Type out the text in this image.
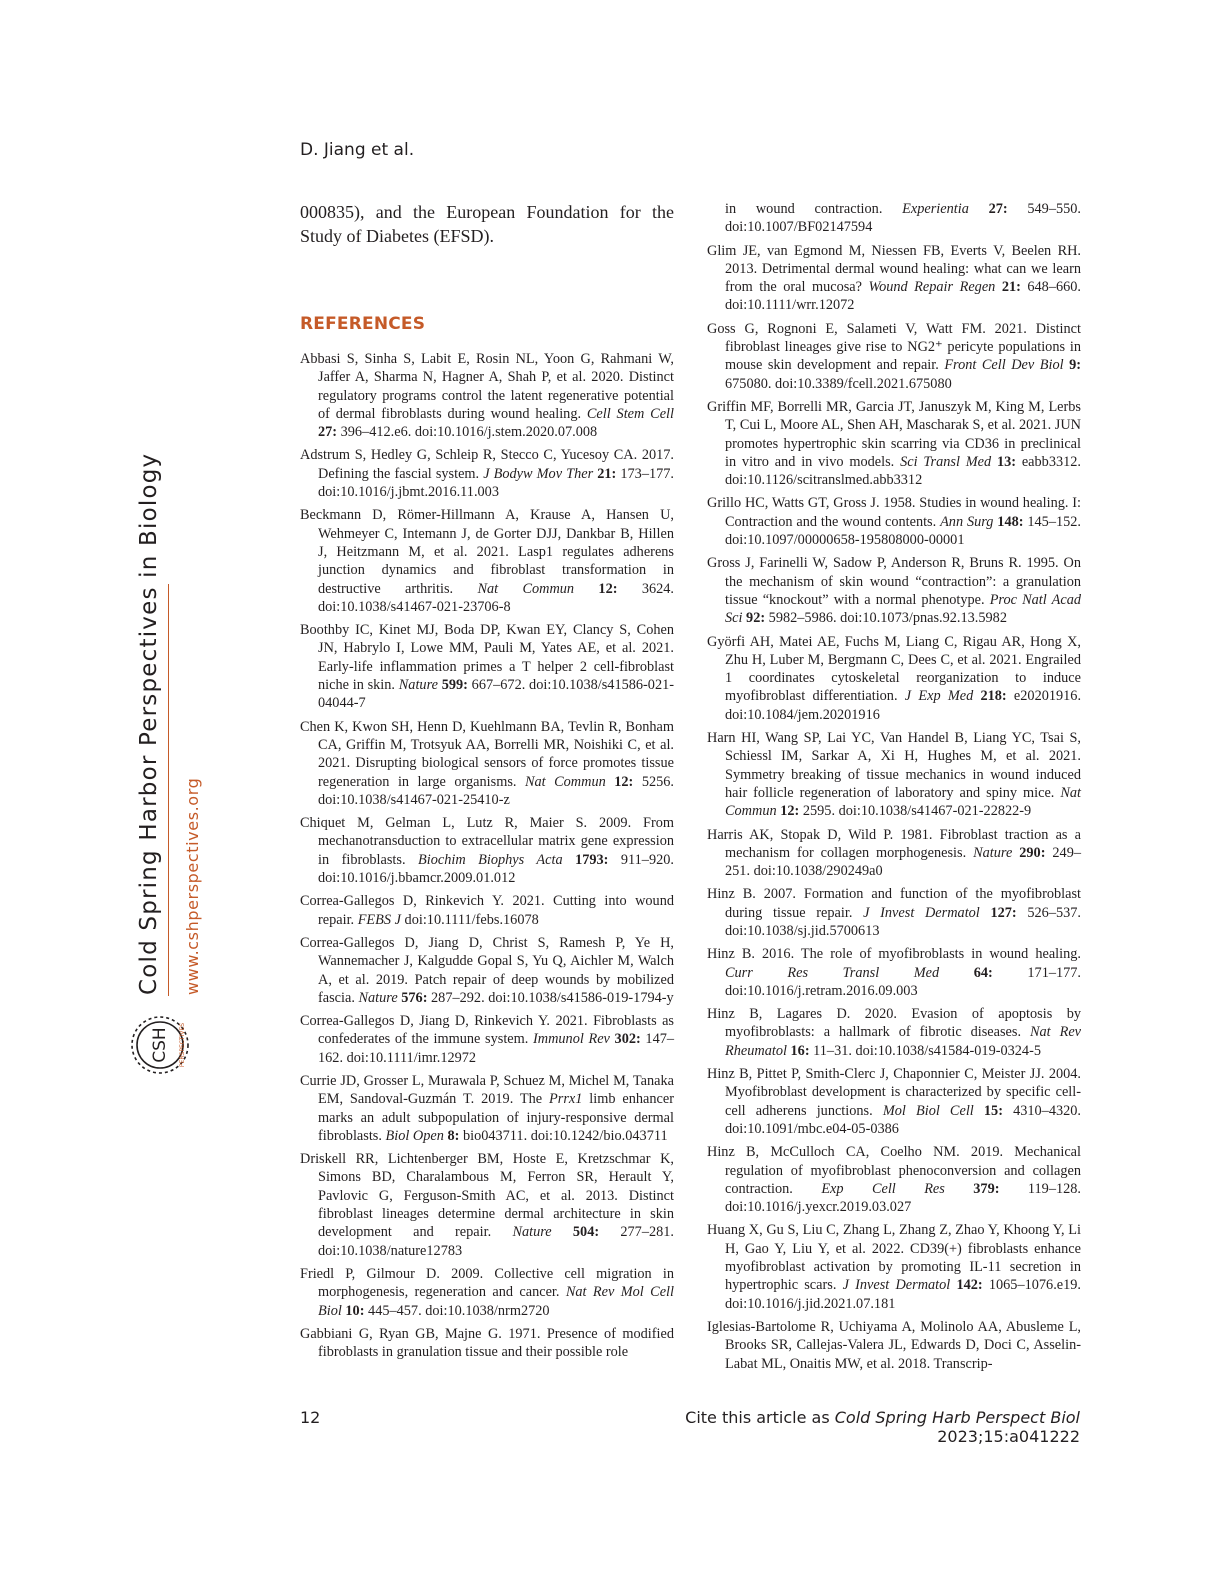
D. Jiang et al.
Cold Spring Harbor Perspectives in Biology www.cshperspectives.org
CSH PERSPECTIVES

000835), and the European Foundation for the Study of Diabetes (EFSD).

REFERENCES

Abbasi S, Sinha S, Labit E, Rosin NL, Yoon G, Rahmani W, Jaffer A, Sharma N, Hagner A, Shah P, et al. 2020. Distinct regulatory programs control the latent regenerative potential of dermal fibroblasts during wound healing. Cell Stem Cell 27: 396–412.e6. doi:10.1016/j.stem.2020.07.008

Adstrum S, Hedley G, Schleip R, Stecco C, Yucesoy CA. 2017. Defining the fascial system. J Bodyw Mov Ther 21: 173–177. doi:10.1016/j.jbmt.2016.11.003

Beckmann D, Römer-Hillmann A, Krause A, Hansen U, Wehmeyer C, Intemann J, de Gorter DJJ, Dankbar B, Hillen J, Heitzmann M, et al. 2021. Lasp1 regulates adherens junction dynamics and fibroblast transformation in destructive arthritis. Nat Commun 12: 3624. doi:10.1038/s41467-021-23706-8

Boothby IC, Kinet MJ, Boda DP, Kwan EY, Clancy S, Cohen JN, Habrylo I, Lowe MM, Pauli M, Yates AE, et al. 2021. Early-life inflammation primes a T helper 2 cell-fibroblast niche in skin. Nature 599: 667–672. doi:10.1038/s41586-021-04044-7

Chen K, Kwon SH, Henn D, Kuehlmann BA, Tevlin R, Bonham CA, Griffin M, Trotsyuk AA, Borrelli MR, Noishiki C, et al. 2021. Disrupting biological sensors of force promotes tissue regeneration in large organisms. Nat Commun 12: 5256. doi:10.1038/s41467-021-25410-z

Chiquet M, Gelman L, Lutz R, Maier S. 2009. From mechanotransduction to extracellular matrix gene expression in fibroblasts. Biochim Biophys Acta 1793: 911–920. doi:10.1016/j.bbamcr.2009.01.012

Correa-Gallegos D, Rinkevich Y. 2021. Cutting into wound repair. FEBS J doi:10.1111/febs.16078

Correa-Gallegos D, Jiang D, Christ S, Ramesh P, Ye H, Wannemacher J, Kalgudde Gopal S, Yu Q, Aichler M, Walch A, et al. 2019. Patch repair of deep wounds by mobilized fascia. Nature 576: 287–292. doi:10.1038/s41586-019-1794-y

Correa-Gallegos D, Jiang D, Rinkevich Y. 2021. Fibroblasts as confederates of the immune system. Immunol Rev 302: 147–162. doi:10.1111/imr.12972

Currie JD, Grosser L, Murawala P, Schuez M, Michel M, Tanaka EM, Sandoval-Guzmán T. 2019. The Prrx1 limb enhancer marks an adult subpopulation of injury-responsive dermal fibroblasts. Biol Open 8: bio043711. doi:10.1242/bio.043711

Driskell RR, Lichtenberger BM, Hoste E, Kretzschmar K, Simons BD, Charalambous M, Ferron SR, Herault Y, Pavlovic G, Ferguson-Smith AC, et al. 2013. Distinct fibroblast lineages determine dermal architecture in skin development and repair. Nature 504: 277–281. doi:10.1038/nature12783

Friedl P, Gilmour D. 2009. Collective cell migration in morphogenesis, regeneration and cancer. Nat Rev Mol Cell Biol 10: 445–457. doi:10.1038/nrm2720

Gabbiani G, Ryan GB, Majne G. 1971. Presence of modified fibroblasts in granulation tissue and their possible role

in wound contraction. Experientia 27: 549–550. doi:10.1007/BF02147594

Glim JE, van Egmond M, Niessen FB, Everts V, Beelen RH. 2013. Detrimental dermal wound healing: what can we learn from the oral mucosa? Wound Repair Regen 21: 648–660. doi:10.1111/wrr.12072

Goss G, Rognoni E, Salameti V, Watt FM. 2021. Distinct fibroblast lineages give rise to NG2⁺ pericyte populations in mouse skin development and repair. Front Cell Dev Biol 9: 675080. doi:10.3389/fcell.2021.675080

Griffin MF, Borrelli MR, Garcia JT, Januszyk M, King M, Lerbs T, Cui L, Moore AL, Shen AH, Mascharak S, et al. 2021. JUN promotes hypertrophic skin scarring via CD36 in preclinical in vitro and in vivo models. Sci Transl Med 13: eabb3312. doi:10.1126/scitranslmed.abb3312

Grillo HC, Watts GT, Gross J. 1958. Studies in wound healing. I: Contraction and the wound contents. Ann Surg 148: 145–152. doi:10.1097/00000658-195808000-00001

Gross J, Farinelli W, Sadow P, Anderson R, Bruns R. 1995. On the mechanism of skin wound “contraction”: a granulation tissue “knockout” with a normal phenotype. Proc Natl Acad Sci 92: 5982–5986. doi:10.1073/pnas.92.13.5982

Györfi AH, Matei AE, Fuchs M, Liang C, Rigau AR, Hong X, Zhu H, Luber M, Bergmann C, Dees C, et al. 2021. Engrailed 1 coordinates cytoskeletal reorganization to induce myofibroblast differentiation. J Exp Med 218: e20201916. doi:10.1084/jem.20201916

Harn HI, Wang SP, Lai YC, Van Handel B, Liang YC, Tsai S, Schiessl IM, Sarkar A, Xi H, Hughes M, et al. 2021. Symmetry breaking of tissue mechanics in wound induced hair follicle regeneration of laboratory and spiny mice. Nat Commun 12: 2595. doi:10.1038/s41467-021-22822-9

Harris AK, Stopak D, Wild P. 1981. Fibroblast traction as a mechanism for collagen morphogenesis. Nature 290: 249–251. doi:10.1038/290249a0

Hinz B. 2007. Formation and function of the myofibroblast during tissue repair. J Invest Dermatol 127: 526–537. doi:10.1038/sj.jid.5700613

Hinz B. 2016. The role of myofibroblasts in wound healing. Curr Res Transl Med 64: 171–177. doi:10.1016/j.retram.2016.09.003

Hinz B, Lagares D. 2020. Evasion of apoptosis by myofibroblasts: a hallmark of fibrotic diseases. Nat Rev Rheumatol 16: 11–31. doi:10.1038/s41584-019-0324-5

Hinz B, Pittet P, Smith-Clerc J, Chaponnier C, Meister JJ. 2004. Myofibroblast development is characterized by specific cell-cell adherens junctions. Mol Biol Cell 15: 4310–4320. doi:10.1091/mbc.e04-05-0386

Hinz B, McCulloch CA, Coelho NM. 2019. Mechanical regulation of myofibroblast phenoconversion and collagen contraction. Exp Cell Res 379: 119–128. doi:10.1016/j.yexcr.2019.03.027

Huang X, Gu S, Liu C, Zhang L, Zhang Z, Zhao Y, Khoong Y, Li H, Gao Y, Liu Y, et al. 2022. CD39(+) fibroblasts enhance myofibroblast activation by promoting IL-11 secretion in hypertrophic scars. J Invest Dermatol 142: 1065–1076.e19. doi:10.1016/j.jid.2021.07.181

Iglesias-Bartolome R, Uchiyama A, Molinolo AA, Abusleme L, Brooks SR, Callejas-Valera JL, Edwards D, Doci C, Asselin-Labat ML, Onaitis MW, et al. 2018. Transcrip-

12	Cite this article as Cold Spring Harb Perspect Biol 2023;15:a041222
